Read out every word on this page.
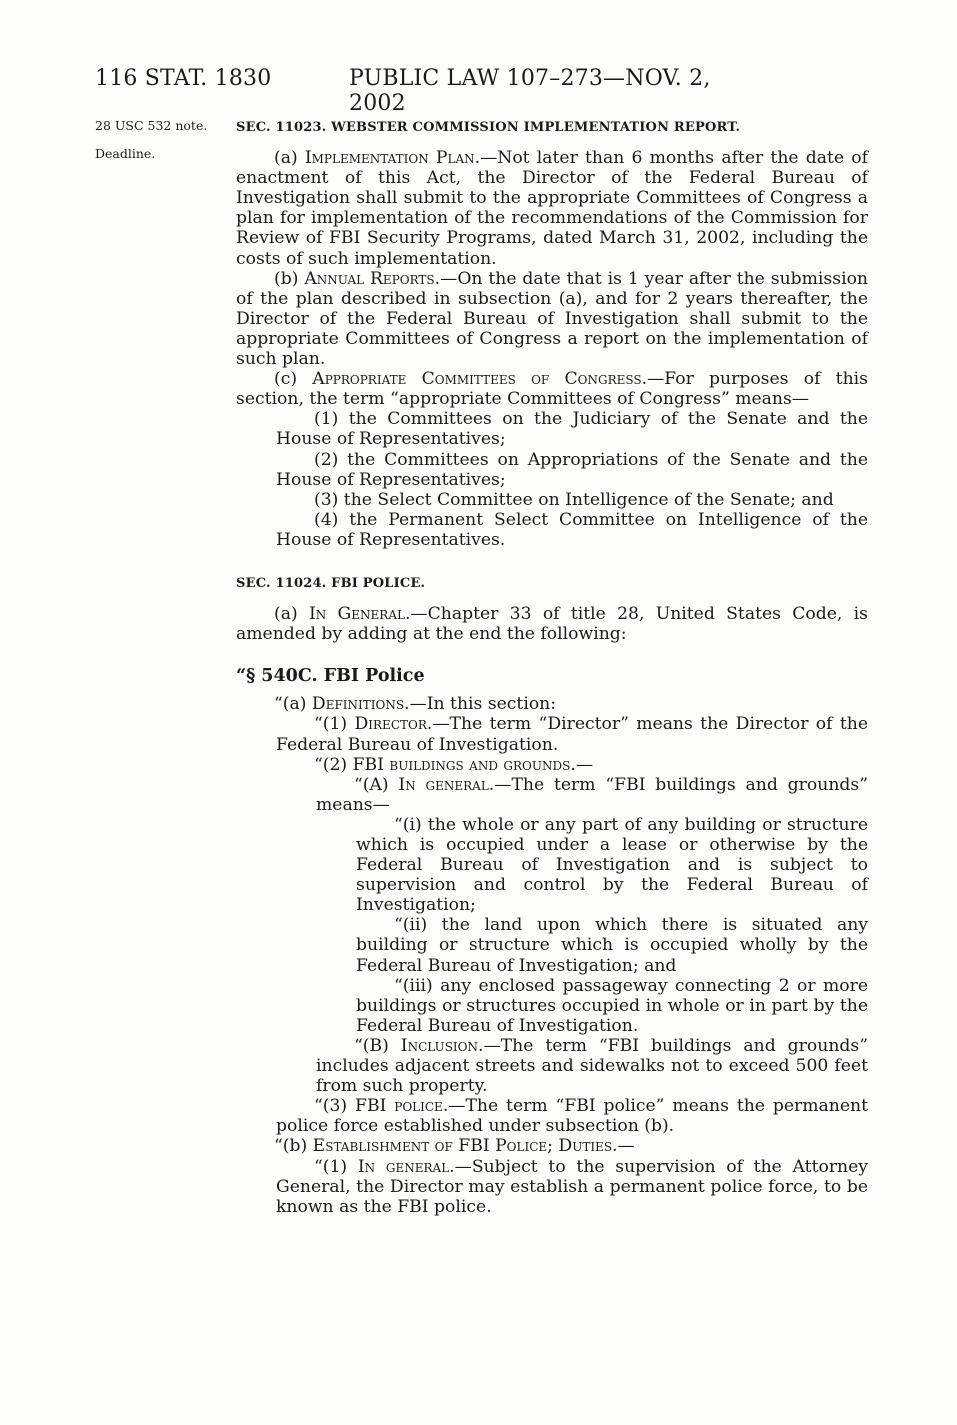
116 STAT. 1830	PUBLIC LAW 107–273—NOV. 2, 2002
28 USC 532 note.
Deadline.
SEC. 11023. WEBSTER COMMISSION IMPLEMENTATION REPORT.

(a) Implementation Plan.—Not later than 6 months after the date of enactment of this Act, the Director of the Federal Bureau of Investigation shall submit to the appropriate Committees of Congress a plan for implementation of the recommendations of the Commission for Review of FBI Security Programs, dated March 31, 2002, including the costs of such implementation.

(b) Annual Reports.—On the date that is 1 year after the submission of the plan described in subsection (a), and for 2 years thereafter, the Director of the Federal Bureau of Investigation shall submit to the appropriate Committees of Congress a report on the implementation of such plan.

(c) Appropriate Committees of Congress.—For purposes of this section, the term “appropriate Committees of Congress” means—

(1) the Committees on the Judiciary of the Senate and the House of Representatives;

(2) the Committees on Appropriations of the Senate and the House of Representatives;

(3) the Select Committee on Intelligence of the Senate; and

(4) the Permanent Select Committee on Intelligence of the House of Representatives.

SEC. 11024. FBI POLICE.

(a) In General.—Chapter 33 of title 28, United States Code, is amended by adding at the end the following:

“§ 540C. FBI Police

“(a) Definitions.—In this section:

“(1) Director.—The term “Director” means the Director of the Federal Bureau of Investigation.

“(2) FBI buildings and grounds.—

“(A) In general.—The term “FBI buildings and grounds” means—

“(i) the whole or any part of any building or structure which is occupied under a lease or otherwise by the Federal Bureau of Investigation and is subject to supervision and control by the Federal Bureau of Investigation;

“(ii) the land upon which there is situated any building or structure which is occupied wholly by the Federal Bureau of Investigation; and

“(iii) any enclosed passageway connecting 2 or more buildings or structures occupied in whole or in part by the Federal Bureau of Investigation.

“(B) Inclusion.—The term “FBI buildings and grounds” includes adjacent streets and sidewalks not to exceed 500 feet from such property.

“(3) FBI police.—The term “FBI police” means the permanent police force established under subsection (b).

“(b) Establishment of FBI Police; Duties.—

“(1) In general.—Subject to the supervision of the Attorney General, the Director may establish a permanent police force, to be known as the FBI police.
